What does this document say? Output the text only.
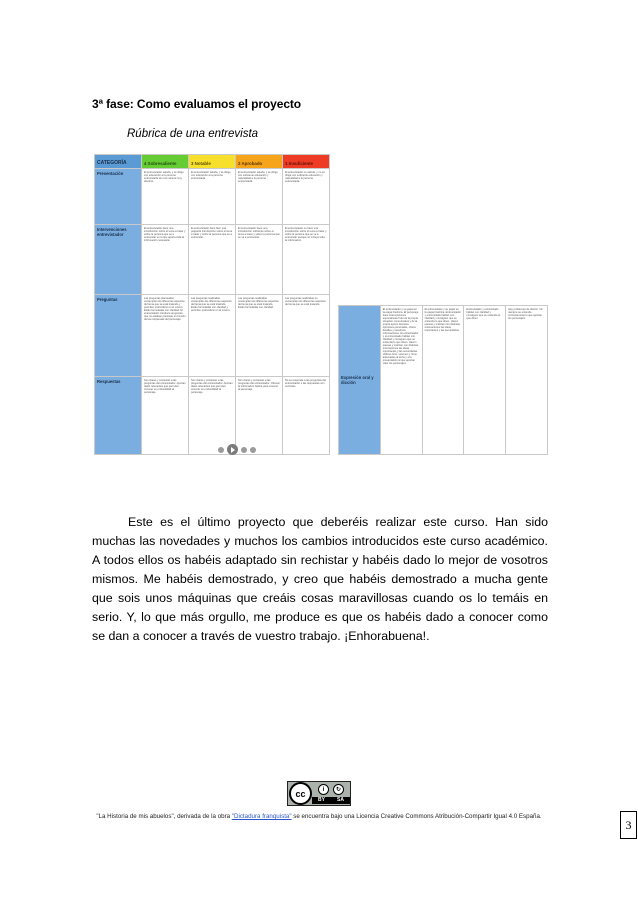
3ª fase: Como evaluamos el proyecto
Rúbrica de una entrevista
CATEGORÍA	4 Sobresaliente	3 Notable	2 Aprobado	1 Insuficiente
Presentación	El entrevistador saluda, y se dirige con educación a la persona entrevistada de una manera muy efectiva.	El entrevistador saluda, y se dirige con educación a la persona entrevistada.	El entrevistador saluda, y se dirige con suficiente educación y naturalidad a la persona entrevistada.	El entrevistador no saluda, y no se dirige con suficiente educación y naturalidad a la persona entrevistada.
Intervenciones entrevistador	El entrevistador hace una introducción sobre el tema a tratar y sobre la persona que se a entrevistar en la que aporta toda la información necesaria.	El entrevistador hace bien una pequeña introducción sobre el tema a tratar y sobre la persona que se a entrevistar.	El entrevistador hace una introducción suficiente sobre el tema a tratar y sobre la persona que se va a entrevistar.	El entrevistador no hace una introducción sobre el tema a tratar y sobre la persona que se va a entrevistar aunque no incluye toda la información.
Preguntas	Las preguntas planteadas contemplan los diferentes aspectos del tema que se está tratando y permiten profundizar en el mismo. Están formuladas con claridad. El entrevistador introduce preguntas que no estaban previstas en función de las respuestas del personaje.	Las preguntas realizadas contemplan los diferentes aspectos del tema que se está tratando. Están formuladas con claridad y permiten profundizar en el mismo.	Las preguntas realizadas contemplan los diferentes aspectos del tema que se está tratando. Están formuladas con claridad.	Las preguntas realizadas no contemplan los diferentes aspectos del tema que se está tratando.
Respuestas	Son claras y contestan a las preguntas del entrevistador. Aportan datos relevantes que permiten conocer en profundidad al personaje.	Son claras y contestan a las preguntas del entrevistador. Aportan datos relevantes que permiten conocer en profundidad al personaje.	Son claras y contestan a las preguntas del entrevistador. Ofrecen la información básica para conocer al personaje.	No se responde a las preguntas del entrevistador o las respuestas son confusas.
Expresión oral y dicción	El entrevistador y su papel en la etapa histórica. El personaje hace intervenciones espontáneas fruto de la propia situación comunicativa y de la propia época. Expresa opiniones personales, ofrece detalles y cuestiona informaciones. El entrevistador y el entrevistado hablan con claridad y consiguen que se entienda lo que dicen. Hacen pausas y matizan con distintas entonaciones las ideas importantes y las secundarias. Utilizan tono, volumen y ritmo adecuados al tema y a la presentación al que aportan valor los personajes.	El entrevistador y su papel en la etapa histórica. Entrevistador y entrevistado hablan con claridad y consiguen que se entienda lo que dicen. Hacen pausas y matizan con distintas entonaciones las ideas importantes y las secundarias.	Entrevistador y entrevistado hablan con claridad y consiguen que se entienda lo que dicen.	Hay problemas de dicción. No siempre se entiende correctamente lo que aportan los personajes.

Este es el último proyecto que deberéis realizar este curso. Han sido muchas las novedades y muchos los cambios introducidos este curso académico. A todos ellos os habéis adaptado sin rechistar y habéis dado lo mejor de vosotros mismos. Me habéis demostrado, y creo que habéis demostrado a mucha gente que sois unos máquinas que creáis cosas maravillosas cuando os lo temáis en serio. Y, lo que más orgullo, me produce es que os habéis dado a conocer como se dan a conocer a través de vuestro trabajo. ¡Enhorabuena!.

cc	i	↻
BY SA
"La Historia de mis abuelos", derivada de la obra "Dictadura franquista" se encuentra bajo una Licencia Creative Commons Atribución-Compartir Igual 4.0 España.
3
